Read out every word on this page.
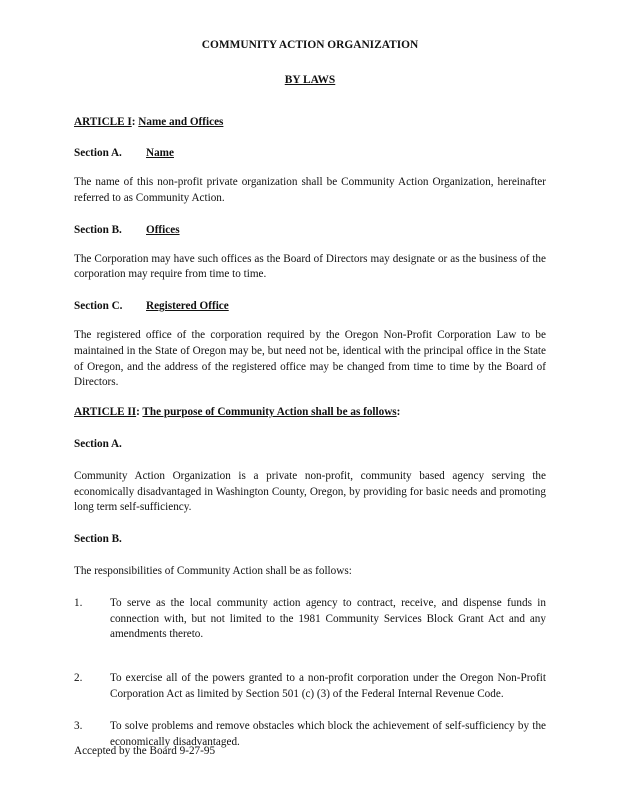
COMMUNITY ACTION ORGANIZATION

BY LAWS

ARTICLE I: Name and Offices

Section A.	Name

The name of this non-profit private organization shall be Community Action Organization, hereinafter referred to as Community Action.

Section B.	Offices

The Corporation may have such offices as the Board of Directors may designate or as the business of the corporation may require from time to time.

Section C.	Registered Office

The registered office of the corporation required by the Oregon Non-Profit Corporation Law to be maintained in the State of Oregon may be, but need not be, identical with the principal office in the State of Oregon, and the address of the registered office may be changed from time to time by the Board of Directors.

ARTICLE II: The purpose of Community Action shall be as follows:

Section A.

Community Action Organization is a private non-profit, community based agency serving the economically disadvantaged in Washington County, Oregon, by providing for basic needs and promoting long term self-sufficiency.

Section B.

The responsibilities of Community Action shall be as follows:

1.	To serve as the local community action agency to contract, receive, and dispense funds in connection with, but not limited to the 1981 Community Services Block Grant Act and any amendments thereto.
2.	To exercise all of the powers granted to a non-profit corporation under the Oregon Non-Profit Corporation Act as limited by Section 501 (c) (3) of the Federal Internal Revenue Code.
3.	To solve problems and remove obstacles which block the achievement of self-sufficiency by the economically disadvantaged.
Accepted by the Board 9-27-95
